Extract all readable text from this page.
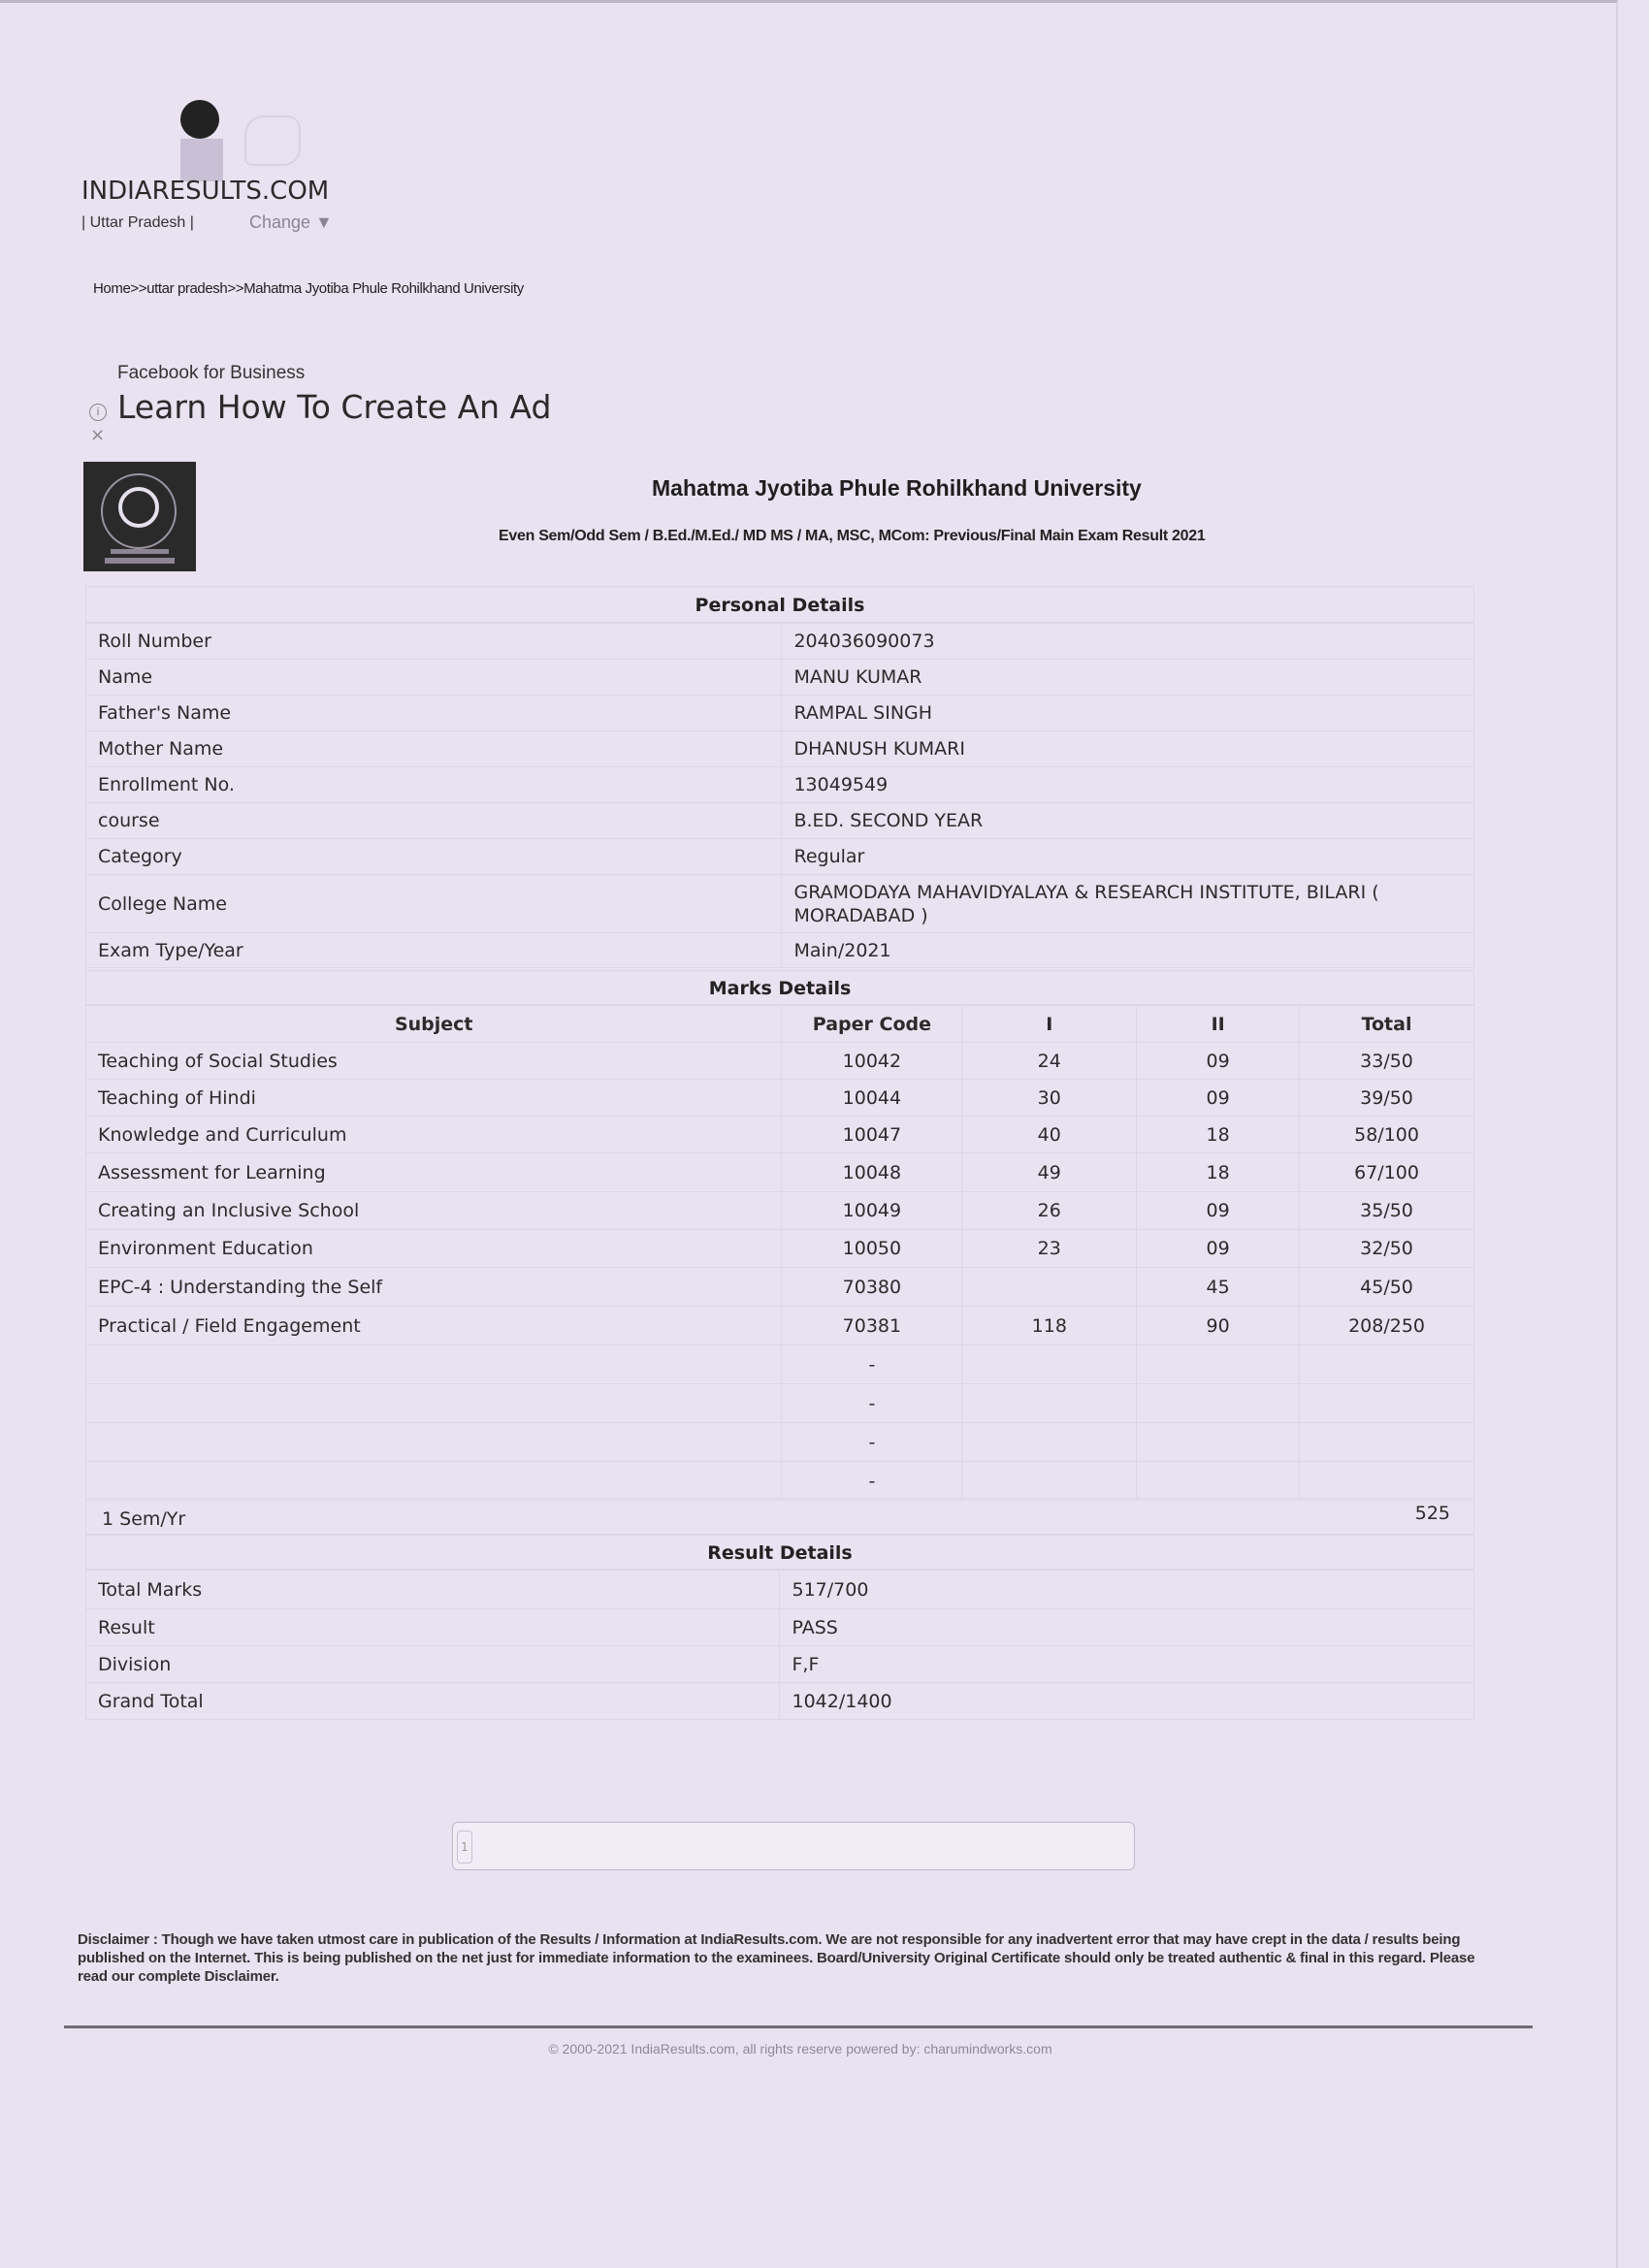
INDIARESULTS.COM
| Uttar Pradesh |	Change ▼
Home>>uttar pradesh>>Mahatma Jyotiba Phule Rohilkhand University
Facebook for Business
i Learn How To Create An Ad
×
Mahatma Jyotiba Phule Rohilkhand University
Even Sem/Odd Sem / B.Ed./M.Ed./ MD MS / MA, MSC, MCom: Previous/Final Main Exam Result 2021
Personal Details
Roll Number	204036090073
Name	MANU KUMAR
Father's Name	RAMPAL SINGH
Mother Name	DHANUSH KUMARI
Enrollment No.	13049549
course	B.ED. SECOND YEAR
Category	Regular
College Name	GRAMODAYA MAHAVIDYALAYA & RESEARCH INSTITUTE, BILARI ( MORADABAD )
Exam Type/Year	Main/2021
Marks Details
Subject	Paper Code	I	II	Total
Teaching of Social Studies	10042	24	09	33/50
Teaching of Hindi	10044	30	09	39/50
Knowledge and Curriculum	10047	40	18	58/100
Assessment for Learning	10048	49	18	67/100
Creating an Inclusive School	10049	26	09	35/50
Environment Education	10050	23	09	32/50
EPC-4 : Understanding the Self	70380		45	45/50
Practical / Field Engagement	70381	118	90	208/250
	-			
	-			
	-			
	-			
1 Sem/Yr	525
Result Details
Total Marks	517/700
Result	PASS
Division	F,F
Grand Total	1042/1400
1
Disclaimer : Though we have taken utmost care in publication of the Results / Information at IndiaResults.com. We are not responsible for any inadvertent error that may have crept in the data / results being published on the Internet. This is being published on the net just for immediate information to the examinees. Board/University Original Certificate should only be treated authentic & final in this regard. Please read our complete Disclaimer.
© 2000-2021 IndiaResults.com, all rights reserve powered by: charumindworks.com
